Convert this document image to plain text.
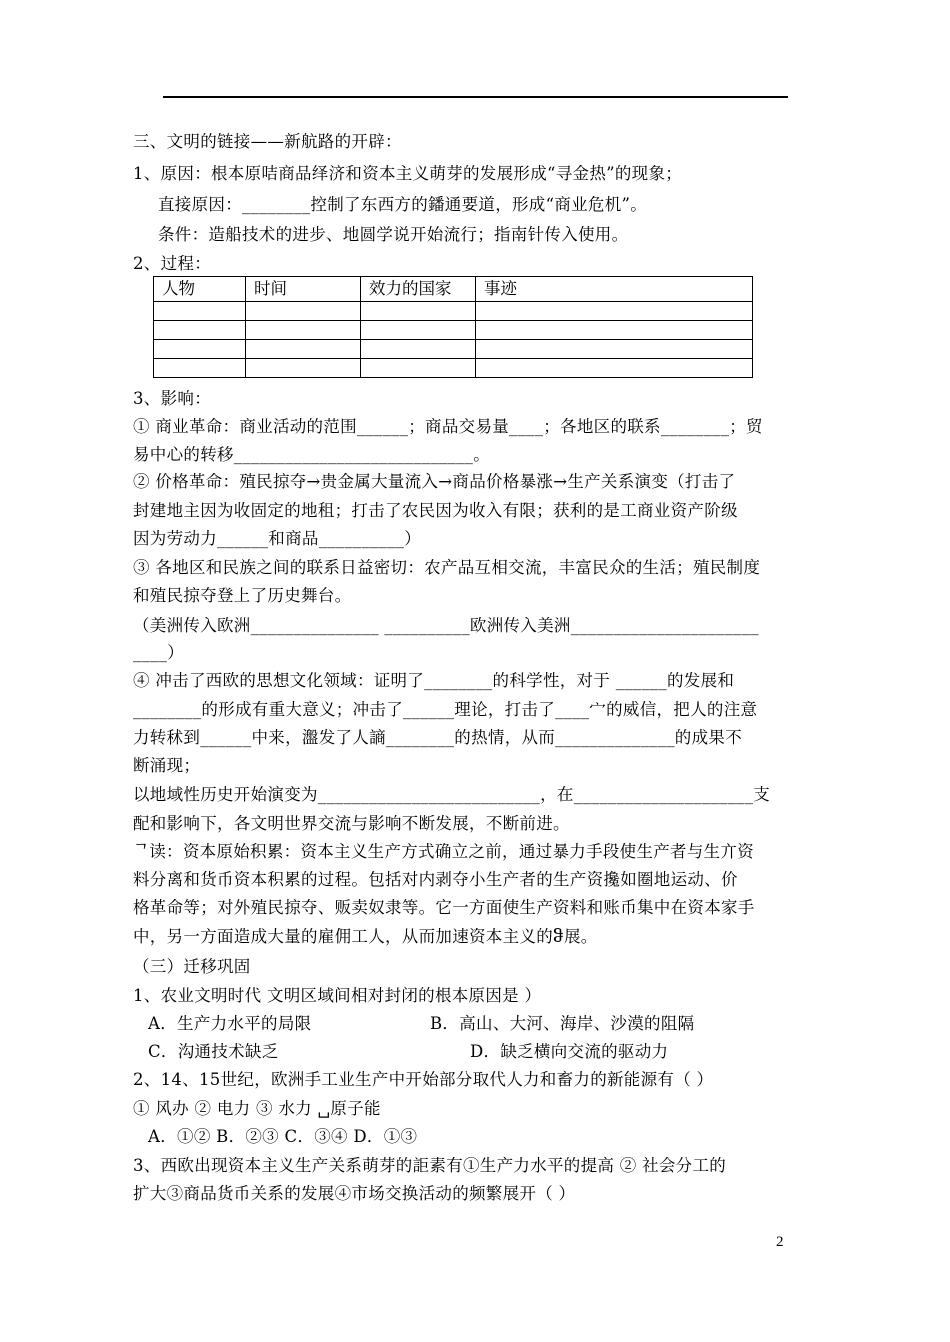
三、文明的链接——新航路的开辟：
1、原因：根本原咭商品绎济和资本主义萌芽的发展形成“寻金热”的现象；
直接原因：________控制了东西方的鐇通要道，形成“商业危机”。
条件：造船技术的进步、地圆学说开始流行；指南针传入使用。
2、过程：
人物	时间	效力的国家	事迹

3、影响：
① 商业革命：商业活动的范围______；商品交易量____；各地区的联系________；贸
易中心的转移____________________________。
② 价格革命：殖民掠夺→贵金属大量流入→商品价格暴涨→生产关系演变（打击了
封建地主因为收固定的地租；打击了农民因为收入有限；获利的是工商业资产阶级
因为劳动力______和商品__________）
③ 各地区和民族之间的联系日益密切：农产品互相交流，丰富民众的生活；殖民制度
和殖民掠夺登上了历史舞台。
（美洲传入欧洲_______________ __________欧洲传入美洲______________________
____）
④ 冲击了西欧的思想文化领域：证明了________的科学性，对于 ______的发展和
________的形成有重大意义；冲击了______理论，打击了____宀的威信，把人的注意
力转秫到______中来，瀊发了人謪________的热情，从而______________的成果不
断涌现；
以地域性历史开始演变为__________________________，在_____________________支
配和影响下，各文明世界交流与影响不断发展，不断前进。
ᄀ读：资本原始积累：资本主义生产方式确立之前，通过暴力手段使生产者与生亣资
料分离和货币资本积累的过程。包括对内剥夺小生产者的生产资攙如圈地运动、价
格革命等；对外殖民掠夺、贩卖奴隶等。它一方面使生产资料和账币集中在资本家手
中，另一方面造成大量的雇佣工人，从而加速资本主义的ჵ展。
（三）迁移巩固
1、农业文明时代 文明区域间相对封闭的根本原因是 ）
A．生产力水平的局限	B．高山、大河、海岸、沙漠的阻隔
C．沟通技术缺乏	D．缺乏横向交流的驱动力
2、14、15世纪，欧洲手工业生产中开始部分取代人力和畜力的新能源有（ ）
① 风办 ② 电力 ③ 水力 ␣原子能
A．①② B．②③ C．③④ D．①③
3、西欧出现资本主义生产关系萌芽的詎素有①生产力水平的提高 ② 社会分工的
扩大③商品货币关系的发展④市场交换活动的频繁展开（ ）
2
